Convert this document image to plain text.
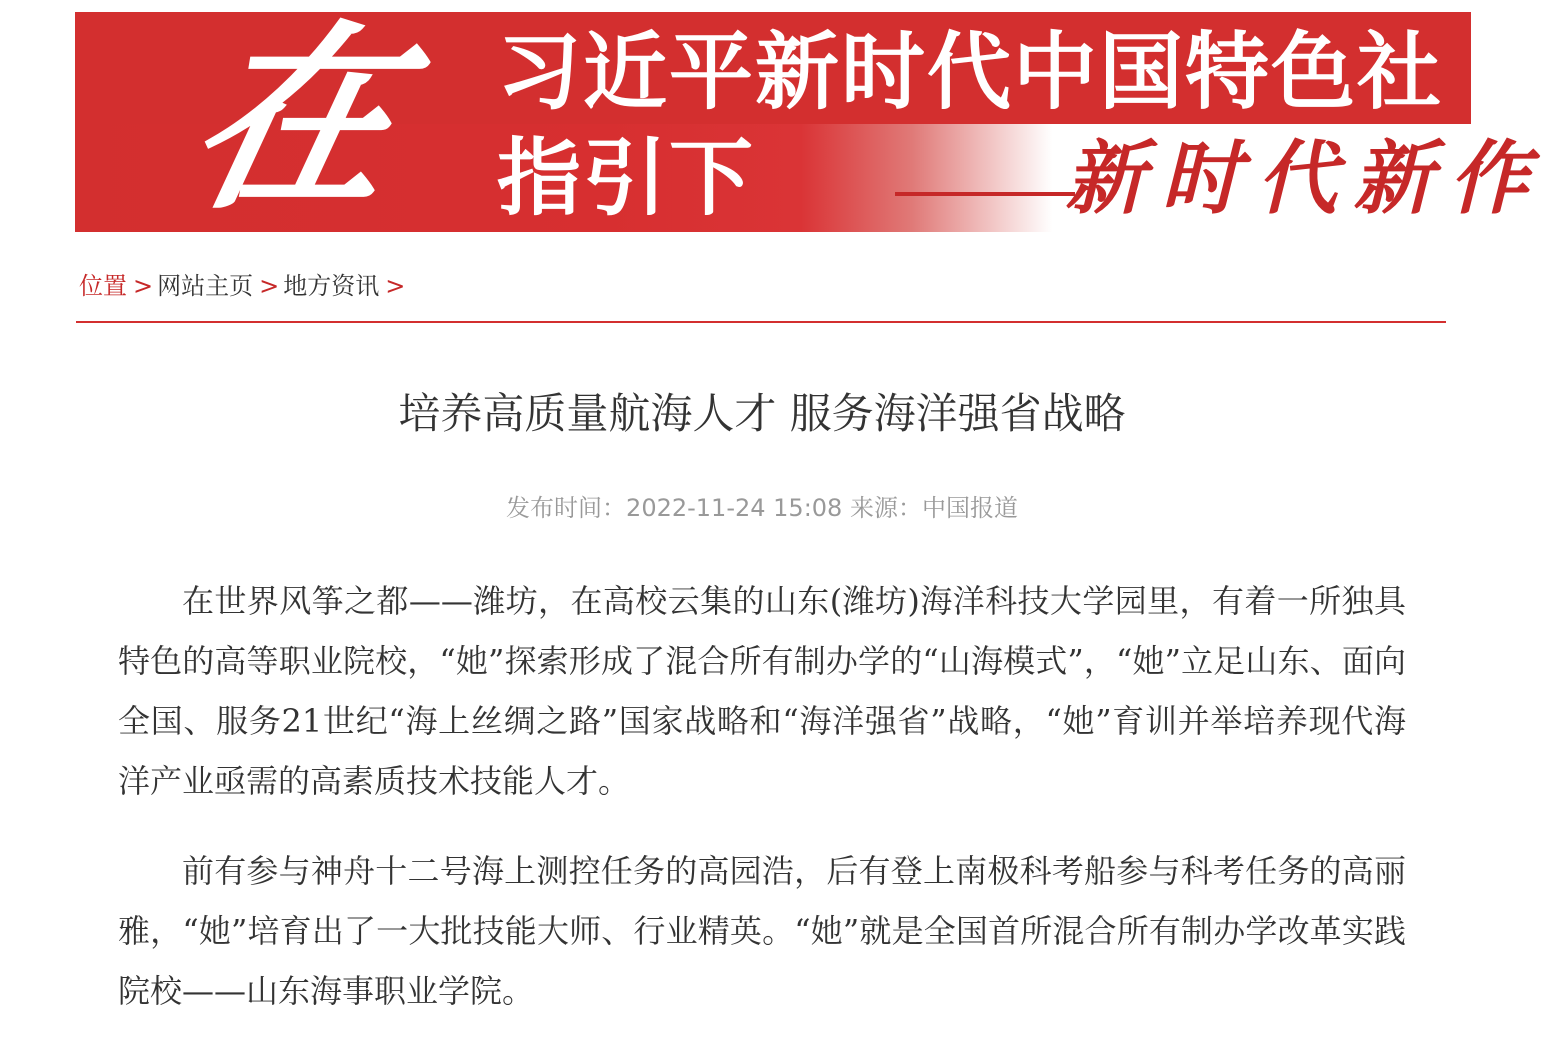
在 习近平新时代中国特色社
指引下	新时代新作
位置 > 网站主页 > 地方资讯 >
培养高质量航海人才 服务海洋强省战略
发布时间：2022-11-24 15:08 来源：中国报道

在世界风筝之都——潍坊，在高校云集的山东(潍坊)海洋科技大学园里，有着一所独具特色的高等职业院校，“她”探索形成了混合所有制办学的“山海模式”，“她”立足山东、面向全国、服务21世纪“海上丝绸之路”国家战略和“海洋强省”战略，“她”育训并举培养现代海洋产业亟需的高素质技术技能人才。

前有参与神舟十二号海上测控任务的高园浩，后有登上南极科考船参与科考任务的高丽雅，“她”培育出了一大批技能大师、行业精英。“她”就是全国首所混合所有制办学改革实践院校——山东海事职业学院。
